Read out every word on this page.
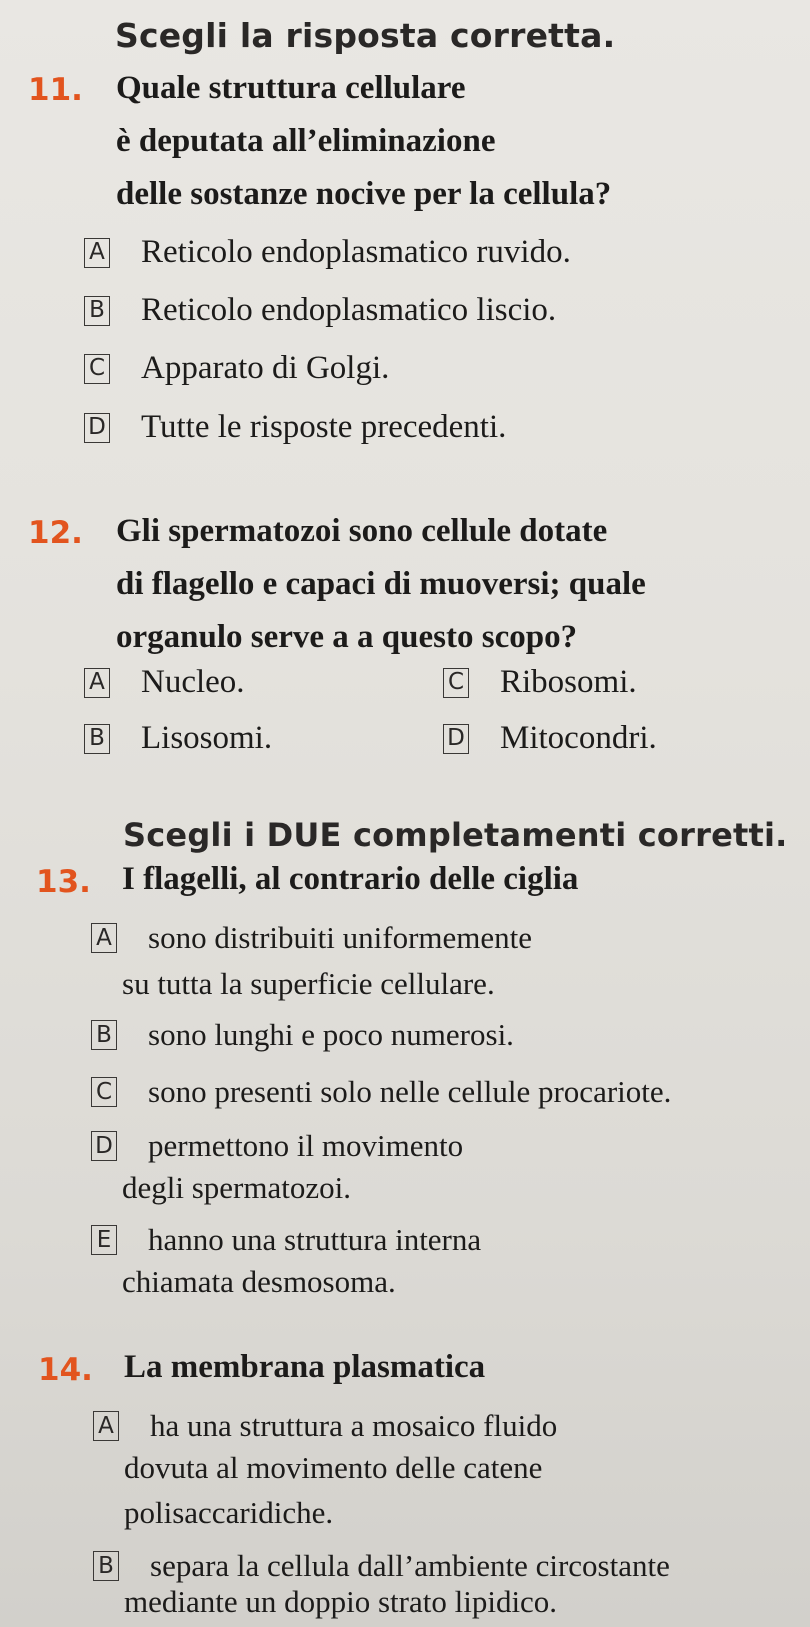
Scegli la risposta corretta.
11. Quale struttura cellulare
è deputata all’eliminazione
delle sostanze nocive per la cellula?
A Reticolo endoplasmatico ruvido.
B Reticolo endoplasmatico liscio.
C Apparato di Golgi.
D Tutte le risposte precedenti.
12. Gli spermatozoi sono cellule dotate
di flagello e capaci di muoversi; quale
organulo serve a a questo scopo?
A Nucleo.	C Ribosomi.
B Lisosomi.	D Mitocondri.
Scegli i DUE completamenti corretti.
13. I flagelli, al contrario delle ciglia
A sono distribuiti uniformemente
su tutta la superficie cellulare.
B sono lunghi e poco numerosi.
C sono presenti solo nelle cellule procariote.
D permettono il movimento
degli spermatozoi.
E hanno una struttura interna
chiamata desmosoma.
14. La membrana plasmatica
A ha una struttura a mosaico fluido
dovuta al movimento delle catene
polisaccaridiche.
B separa la cellula dall’ambiente circostante
mediante un doppio strato lipidico.
